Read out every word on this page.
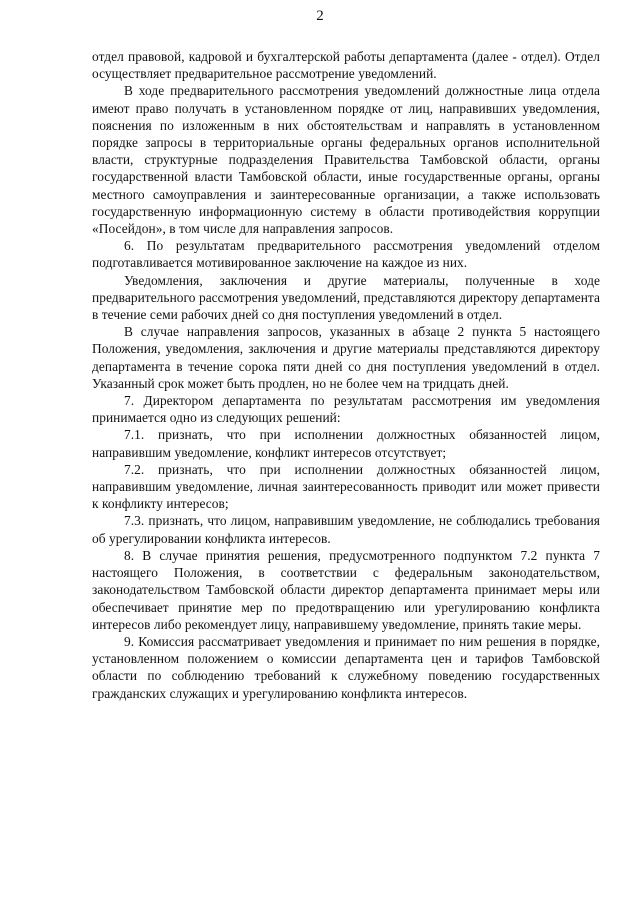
2

отдел правовой, кадровой и бухгалтерской работы департамента (далее - отдел). Отдел осуществляет предварительное рассмотрение уведомлений.

В ходе предварительного рассмотрения уведомлений должностные лица отдела имеют право получать в установленном порядке от лиц, направивших уведомления, пояснения по изложенным в них обстоятельствам и направлять в установленном порядке запросы в территориальные органы федеральных органов исполнительной власти, структурные подразделения Правительства Тамбовской области, органы государственной власти Тамбовской области, иные государственные органы, органы местного самоуправления и заинтересованные организации, а также использовать государственную информационную систему в области противодействия коррупции «Посейдон», в том числе для направления запросов.

6. По результатам предварительного рассмотрения уведомлений отделом подготавливается мотивированное заключение на каждое из них.

Уведомления, заключения и другие материалы, полученные в ходе предварительного рассмотрения уведомлений, представляются директору департамента в течение семи рабочих дней со дня поступления уведомлений в отдел.

В случае направления запросов, указанных в абзаце 2 пункта 5 настоящего Положения, уведомления, заключения и другие материалы представляются директору департамента в течение сорока пяти дней со дня поступления уведомлений в отдел. Указанный срок может быть продлен, но не более чем на тридцать дней.

7. Директором департамента по результатам рассмотрения им уведомления принимается одно из следующих решений:

7.1. признать, что при исполнении должностных обязанностей лицом, направившим уведомление, конфликт интересов отсутствует;

7.2. признать, что при исполнении должностных обязанностей лицом, направившим уведомление, личная заинтересованность приводит или может привести к конфликту интересов;

7.3. признать, что лицом, направившим уведомление, не соблюдались требования об урегулировании конфликта интересов.

8. В случае принятия решения, предусмотренного подпунктом 7.2 пункта 7 настоящего Положения, в соответствии с федеральным законодательством, законодательством Тамбовской области директор департамента принимает меры или обеспечивает принятие мер по предотвращению или урегулированию конфликта интересов либо рекомендует лицу, направившему уведомление, принять такие меры.

9. Комиссия рассматривает уведомления и принимает по ним решения в порядке, установленном положением о комиссии департамента цен и тарифов Тамбовской области по соблюдению требований к служебному поведению государственных гражданских служащих и урегулированию конфликта интересов.
